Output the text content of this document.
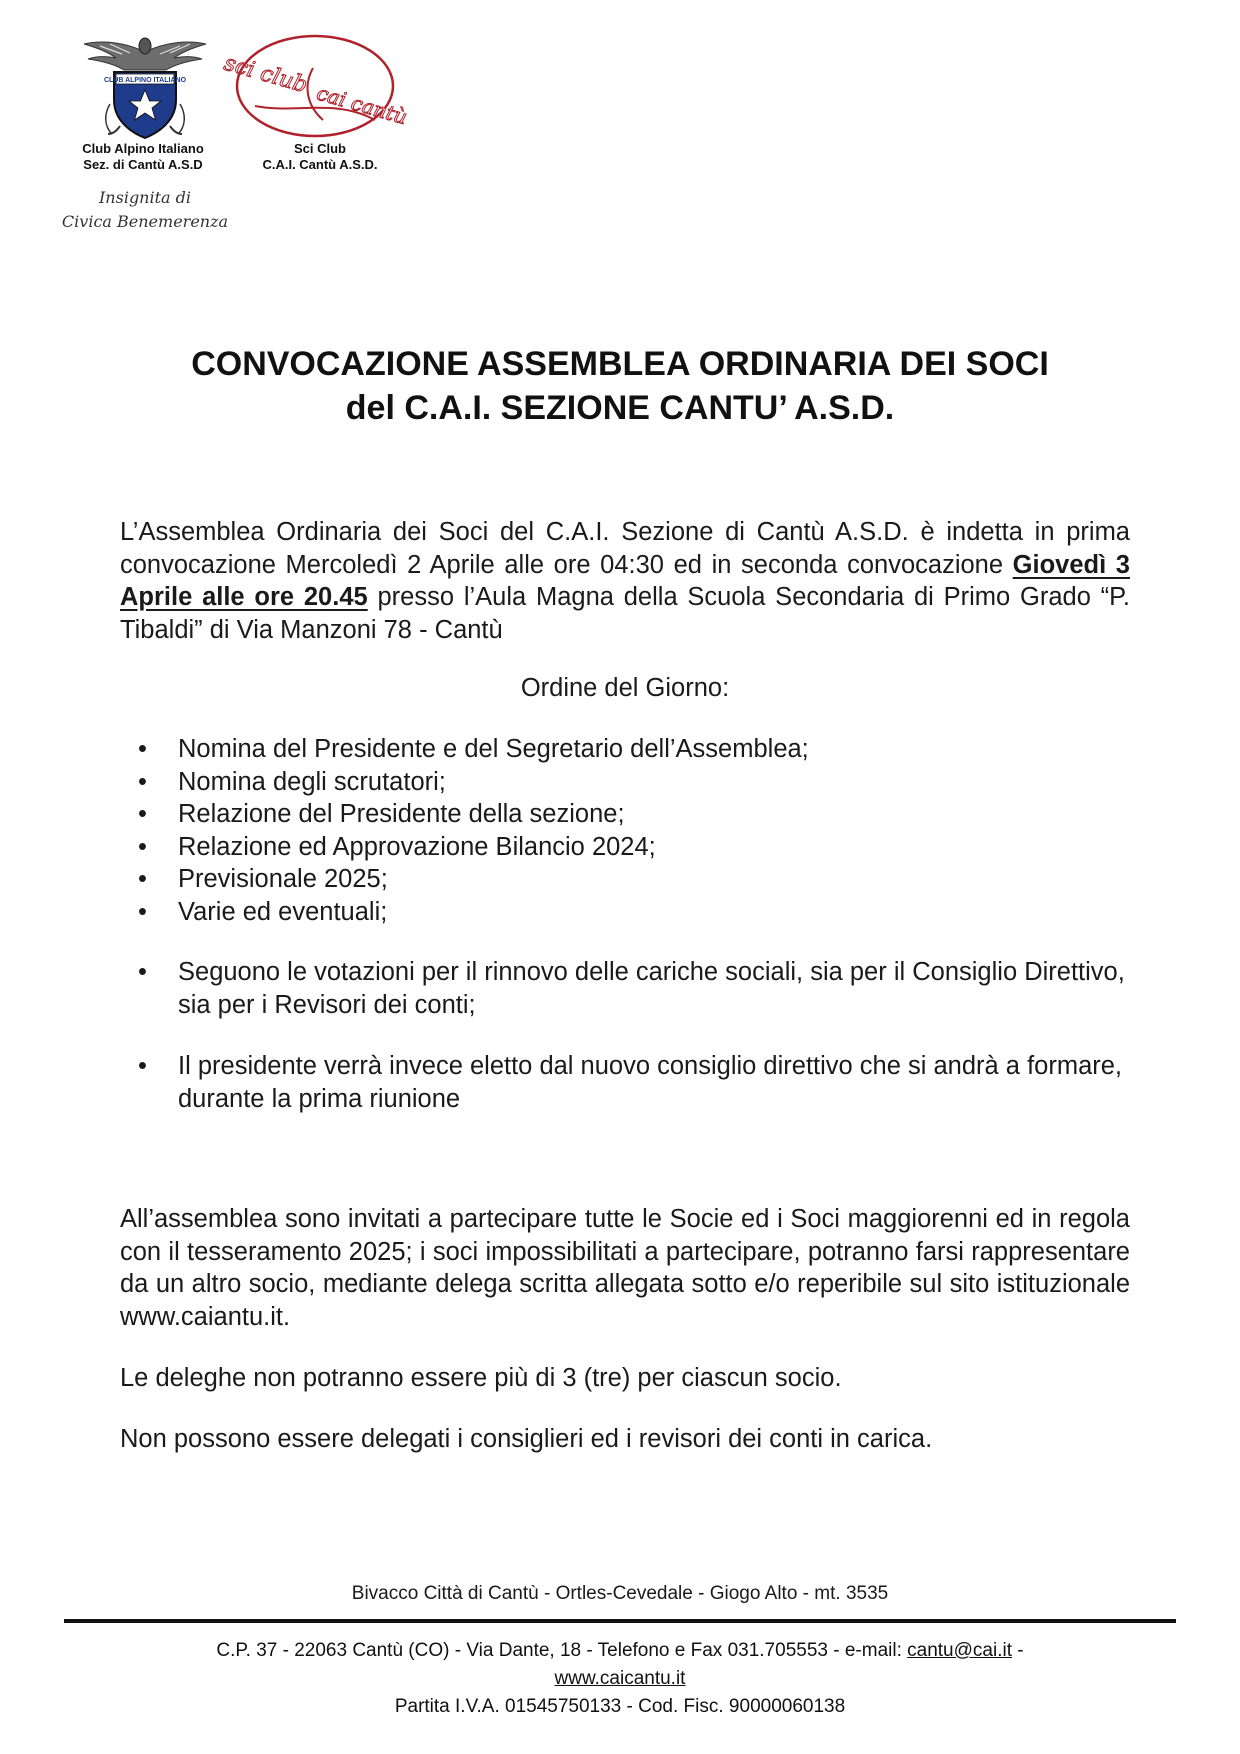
CLUB ALPINO ITALIANO
Club Alpino Italiano
Sez. di Cantù A.S.D
Insignita di
Civica Benemerenza
sci club
cai cantù
Sci Club
C.A.I. Cantù A.S.D.
CONVOCAZIONE ASSEMBLEA ORDINARIA DEI SOCI
del C.A.I. SEZIONE CANTU’ A.S.D.
L’Assemblea Ordinaria dei Soci del C.A.I. Sezione di Cantù A.S.D. è indetta in prima convocazione Mercoledì 2 Aprile alle ore 04:30 ed in seconda convocazione Giovedì 3 Aprile alle ore 20.45 presso l’Aula Magna della Scuola Secondaria di Primo Grado “P. Tibaldi” di Via Manzoni 78 - Cantù
Ordine del Giorno:
• Nomina del Presidente e del Segretario dell’Assemblea;
• Nomina degli scrutatori;
• Relazione del Presidente della sezione;
• Relazione ed Approvazione Bilancio 2024;
• Previsionale 2025;
• Varie ed eventuali;
• Seguono le votazioni per il rinnovo delle cariche sociali, sia per il Consiglio Direttivo, sia per i Revisori dei conti;
• Il presidente verrà invece eletto dal nuovo consiglio direttivo che si andrà a formare, durante la prima riunione
All’assemblea sono invitati a partecipare tutte le Socie ed i Soci maggiorenni ed in regola con il tesseramento 2025; i soci impossibilitati a partecipare, potranno farsi rappresentare da un altro socio, mediante delega scritta allegata sotto e/o reperibile sul sito istituzionale www.caiantu.it.
Le deleghe non potranno essere più di 3 (tre) per ciascun socio.
Non possono essere delegati i consiglieri ed i revisori dei conti in carica.
Bivacco Città di Cantù - Ortles-Cevedale - Giogo Alto - mt. 3535
C.P. 37 - 22063 Cantù (CO) - Via Dante, 18 - Telefono e Fax 031.705553 - e-mail: cantu@cai.it -
www.caicantu.it
Partita I.V.A. 01545750133 - Cod. Fisc. 90000060138
